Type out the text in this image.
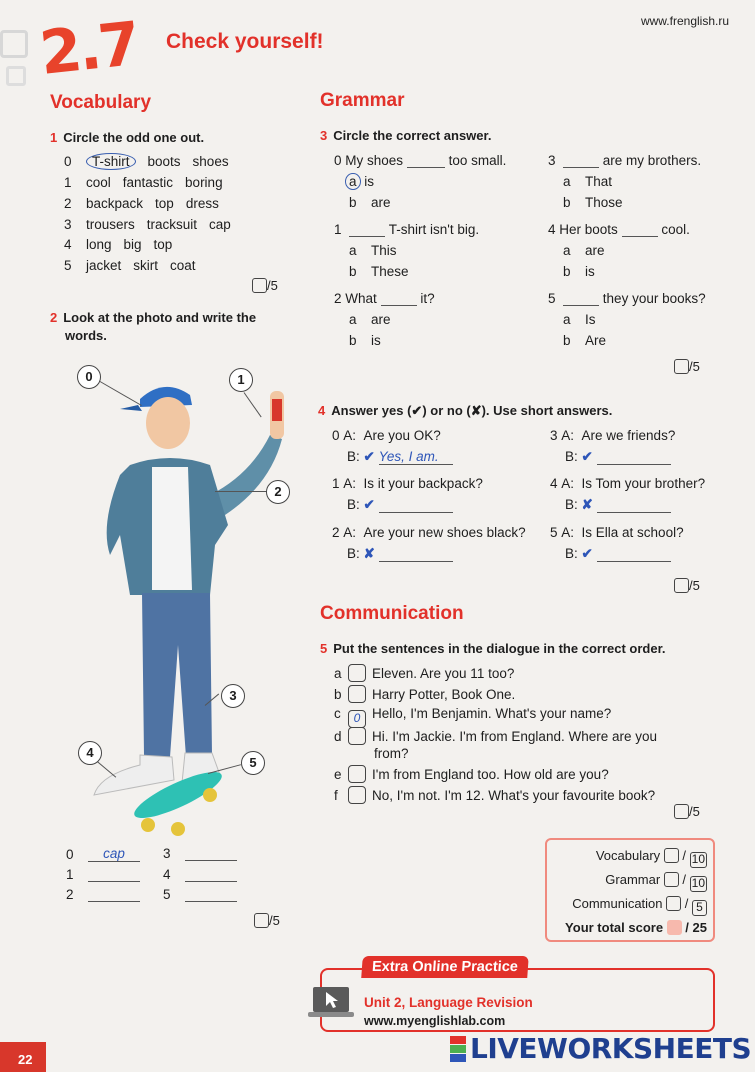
2.7 Check yourself!
www.frenglish.ru
Vocabulary
1 Circle the odd one out.
0 T-shirt boots shoes
1 cool fantastic boring
2 backpack top dress
3 trousers tracksuit cap
4 long big top
5 jacket skirt coat
/5
2 Look at the photo and write the
words.
0	1
2
3
4
5
0 cap	3
1	4
2	5
/5
Grammar
3 Circle the correct answer.
0 My shoes	too small.
a is
b are
1	T-shirt isn't big.
a This
b These
2 What	it?
a are
b is
3	are my brothers.
a That
b Those
4 Her boots	cool.
a are
b is
5	they your books?
a Is
b Are
/5
4 Answer yes (✔) or no (✘). Use short answers.
0 A:  Are you OK?
B: ✔ Yes, I am.
1 A:  Is it your backpack?
B: ✔
2 A:  Are your new shoes black?
B: ✘
3 A:  Are we friends?
B: ✔
4 A:  Is Tom your brother?
B: ✘
5 A:  Is Ella at school?
B: ✔
/5
Communication
5 Put the sentences in the dialogue in the correct order.
a Eleven. Are you 11 too?
b Harry Potter, Book One.
c 0 Hello, I'm Benjamin. What's your name?
d Hi. I'm Jackie. I'm from England. Where are you
from?
e I'm from England too. How old are you?
f	No, I'm not. I'm 12. What's your favourite book?
/5
Vocabulary  / 10
Grammar  / 10
Communication  / 5
Your total score  / 25
Extra Online Practice
Unit 2, Language Revision
www.myenglishlab.com
22	LIVEWORKSHEETS
